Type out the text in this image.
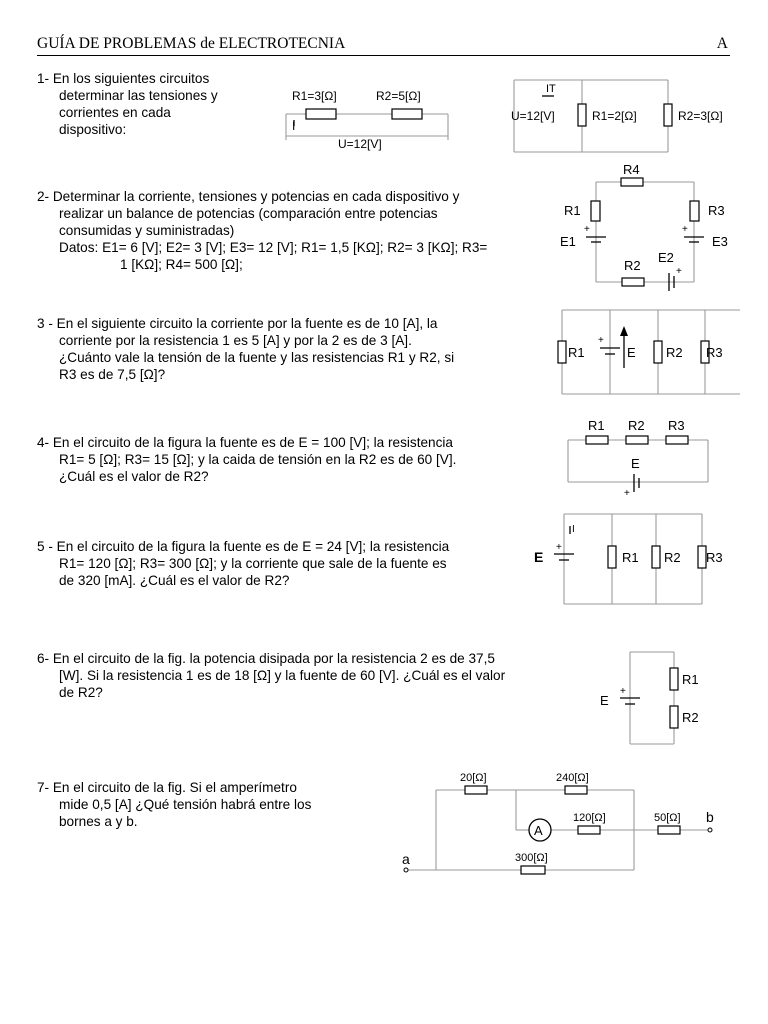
GUÍA DE PROBLEMAS de ELECTROTECNIA	A
1- En los siguientes circuitos
determinar las tensiones y
corrientes en cada
dispositivo:
2- Determinar la corriente, tensiones y potencias en cada dispositivo y
realizar un balance de potencias (comparación entre potencias
consumidas y suministradas)
Datos: E1= 6 [V]; E2= 3 [V]; E3= 12 [V]; R1= 1,5 [KΩ]; R2= 3 [KΩ]; R3=
1 [KΩ]; R4= 500 [Ω];
3 - En el siguiente circuito la corriente por la fuente es de 10 [A], la
corriente por la resistencia 1 es 5 [A] y por la 2 es de 3 [A].
¿Cuánto vale la tensión de la fuente y las resistencias R1 y R2, si
R3 es de 7,5 [Ω]?
4- En el circuito de la figura la fuente es de E = 100 [V]; la resistencia
R1= 5 [Ω]; R3= 15 [Ω]; y la caida de tensión en la R2 es de 60 [V].
¿Cuál es el valor de R2?
5 - En el circuito de la figura la fuente es de E = 24 [V]; la resistencia
R1= 120 [Ω]; R3= 300 [Ω]; y la corriente que sale de la fuente es
de 320 [mA]. ¿Cuál es el valor de R2?
6- En el circuito de la fig. la potencia disipada por la resistencia 2 es de 37,5
[W]. Si la resistencia 1 es de 18 [Ω] y la fuente de 60 [V]. ¿Cuál es el valor
de R2?
7- En el circuito de la fig. Si el amperímetro
mide 0,5 [A] ¿Qué tensión habrá entre los
bornes a y b.
R1=3[Ω]	R2=5[Ω]
I
U=12[V]
IT
U=12[V]	R1=2[Ω]	R2=3[Ω]
R4
R1	R3
+
E1
+
E3
R2
E2
+
R1
+
E R2 R3
R1 R2 R3
E
+
I
+
E	R1 R2 R3
+
E
R1
R2
20[Ω]	240[Ω]
A
120[Ω]	50[Ω] b
300[Ω]
a
